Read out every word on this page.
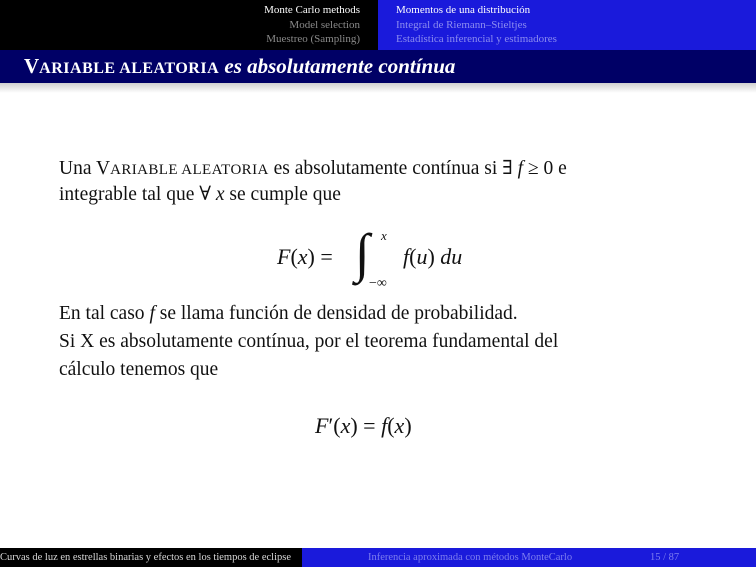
Monte Carlo methods
Model selection
Muestreo (Sampling)
Momentos de una distribución
Integral de Riemann–Stieltjes
Estadística inferencial y estimadores
VARIABLE ALEATORIA es absolutamente contínua
Una VARIABLE ALEATORIA es absolutamente contínua si ∃ f ≥ 0 e
integrable tal que ∀ x se cumple que
F(x) = ∫ x
−∞
f(u) du
En tal caso f se llama función de densidad de probabilidad.
Si X es absolutamente contínua, por el teorema fundamental del
cálculo tenemos que
F′(x) = f(x)
Curvas de luz en estrellas binarias y efectos en los tiempos de eclipse	Inferencia aproximada con métodos MonteCarlo	15 / 87
